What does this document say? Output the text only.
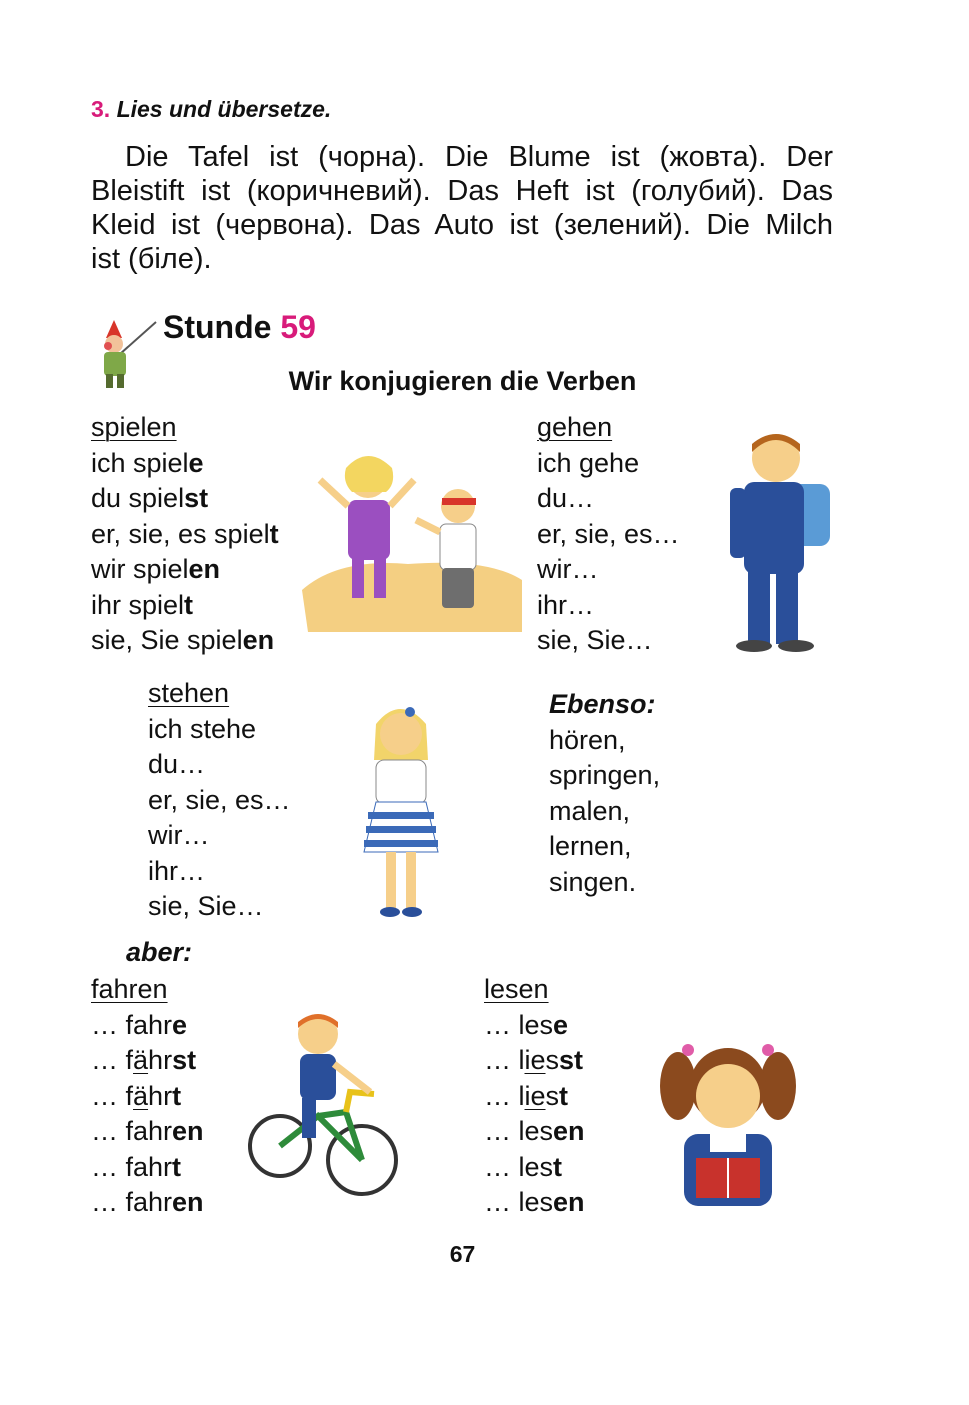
3. Lies und übersetze.
Die Tafel ist (чорна). Die Blume ist (жовта). Der
Bleistift ist (коричневий). Das Heft ist (голубий). Das
Kleid ist (червона). Das Auto ist (зелений). Die Milch
ist (біле).
Stunde 59
Wir konjugieren die Verben
spielen
ich spiele
du spielst
er, sie, es spielt
wir spielen
ihr spielt
sie, Sie spielen
gehen
ich gehe
du…
er, sie, es…
wir…
ihr…
sie, Sie…
stehen
ich stehe
du…
er, sie, es…
wir…
ihr…
sie, Sie…
Ebenso:
hören,
springen,
malen,
lernen,
singen.
aber:
fahren
… fahre
… fährst
… fährt
… fahren
… fahrt
… fahren
lesen
… lese
… liesst
… liest
… lesen
… lest
… lesen
67
